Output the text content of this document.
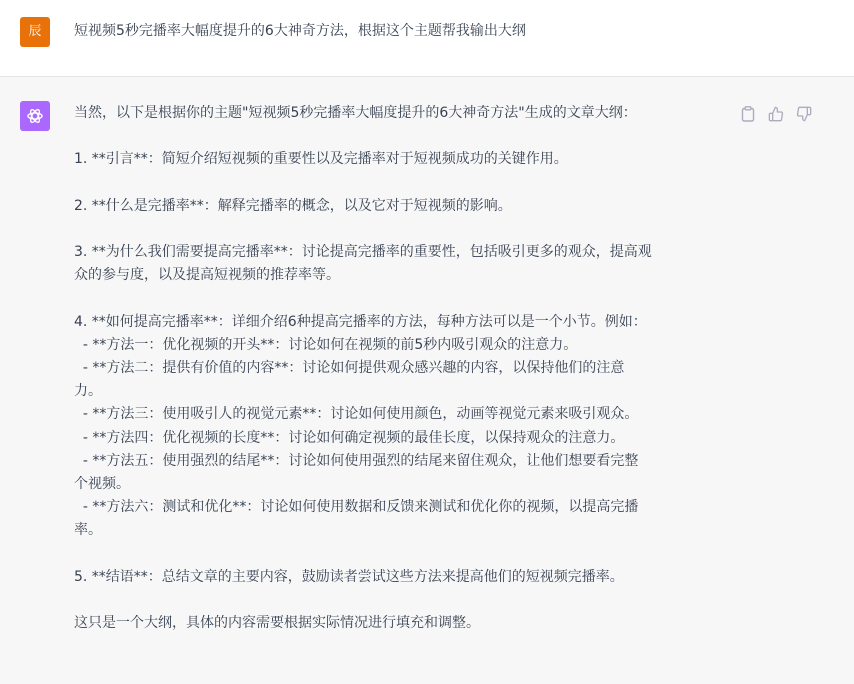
辰	短视频5秒完播率大幅度提升的6大神奇方法，根据这个主题帮我输出大纲
当然，以下是根据你的主题"短视频5秒完播率大幅度提升的6大神奇方法"生成的文章大纲：
1. **引言**：简短介绍短视频的重要性以及完播率对于短视频成功的关键作用。
2. **什么是完播率**：解释完播率的概念，以及它对于短视频的影响。
3. **为什么我们需要提高完播率**：讨论提高完播率的重要性，包括吸引更多的观众，提高观
众的参与度，以及提高短视频的推荐率等。
4. **如何提高完播率**：详细介绍6种提高完播率的方法，每种方法可以是一个小节。例如：
- **方法一：优化视频的开头**：讨论如何在视频的前5秒内吸引观众的注意力。
- **方法二：提供有价值的内容**：讨论如何提供观众感兴趣的内容，以保持他们的注意
力。
- **方法三：使用吸引人的视觉元素**：讨论如何使用颜色，动画等视觉元素来吸引观众。
- **方法四：优化视频的长度**：讨论如何确定视频的最佳长度，以保持观众的注意力。
- **方法五：使用强烈的结尾**：讨论如何使用强烈的结尾来留住观众，让他们想要看完整
个视频。
- **方法六：测试和优化**：讨论如何使用数据和反馈来测试和优化你的视频，以提高完播
率。
5. **结语**：总结文章的主要内容，鼓励读者尝试这些方法来提高他们的短视频完播率。
这只是一个大纲，具体的内容需要根据实际情况进行填充和调整。
